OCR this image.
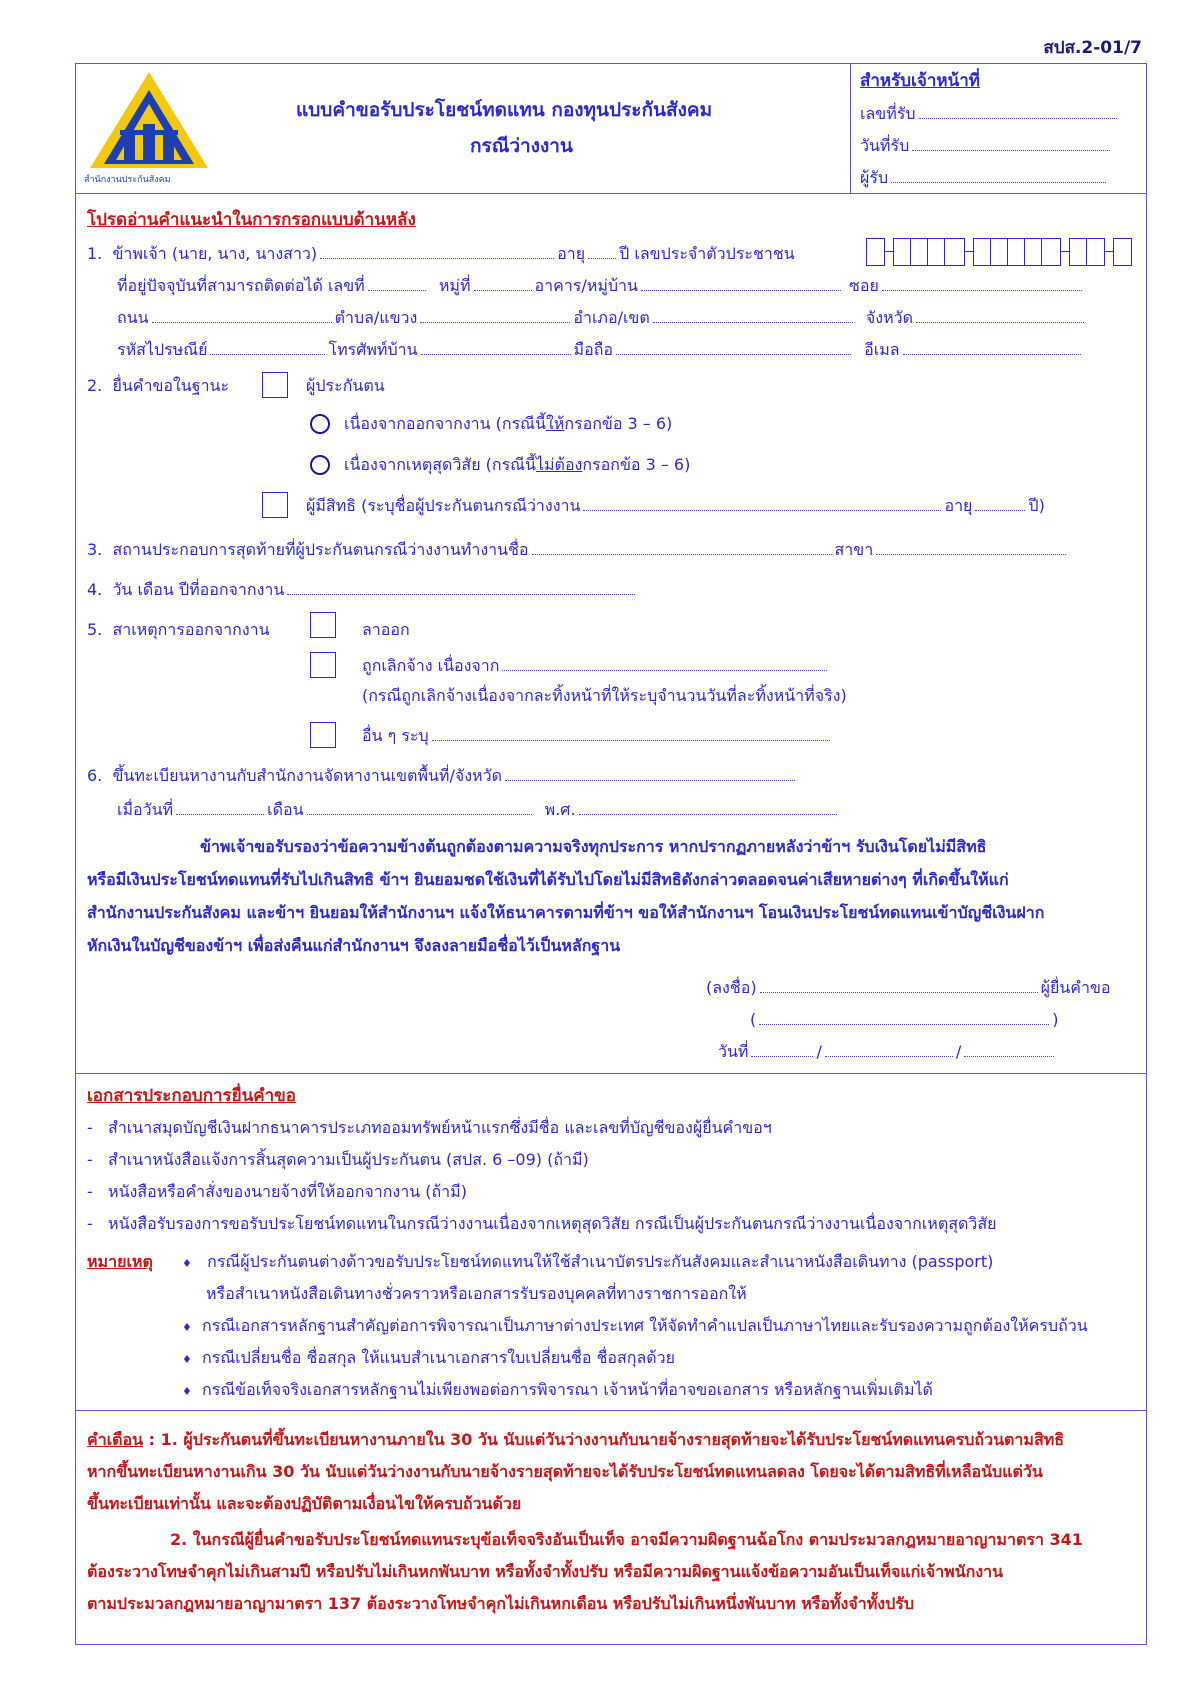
สปส.2-01/7
สำนักงานประกันสังคม
แบบคำขอรับประโยชน์ทดแทน กองทุนประกันสังคม
กรณีว่างงาน
สำหรับเจ้าหน้าที่
เลขที่รับ
วันที่รับ
ผู้รับ
โปรดอ่านคำแนะนำในการกรอกแบบด้านหลัง
1. ข้าพเจ้า (นาย, นาง, นางสาว)	อายุ ปี เลขประจำตัวประชาชน
ที่อยู่ปัจจุบันที่สามารถติดต่อได้ เลขที่	หมู่ที่	อาคาร/หมู่บ้าน	ซอย
ถนน	ตำบล/แขวง	อำเภอ/เขต	จังหวัด
รหัสไปรษณีย์	โทรศัพท์บ้าน	มือถือ	อีเมล
2. ยื่นคำขอในฐานะ	ผู้ประกันตน
เนื่องจากออกจากงาน (กรณีนี้ให้กรอกข้อ 3 – 6)
เนื่องจากเหตุสุดวิสัย (กรณีนี้ไม่ต้องกรอกข้อ 3 – 6)
ผู้มีสิทธิ (ระบุชื่อผู้ประกันตนกรณีว่างงาน	อายุ	ปี)
3. สถานประกอบการสุดท้ายที่ผู้ประกันตนกรณีว่างงานทำงานชื่อ	สาขา
4. วัน เดือน ปีที่ออกจากงาน
5. สาเหตุการออกจากงาน	ลาออก
ถูกเลิกจ้าง เนื่องจาก
(กรณีถูกเลิกจ้างเนื่องจากละทิ้งหน้าที่ให้ระบุจำนวนวันที่ละทิ้งหน้าที่จริง)
อื่น ๆ ระบุ
6. ขึ้นทะเบียนหางานกับสำนักงานจัดหางานเขตพื้นที่/จังหวัด
เมื่อวันที่	เดือน	พ.ศ.
ข้าพเจ้าขอรับรองว่าข้อความข้างต้นถูกต้องตามความจริงทุกประการ หากปรากฏภายหลังว่าข้าฯ รับเงินโดยไม่มีสิทธิ
หรือมีเงินประโยชน์ทดแทนที่รับไปเกินสิทธิ ข้าฯ ยินยอมชดใช้เงินที่ได้รับไปโดยไม่มีสิทธิดังกล่าวตลอดจนค่าเสียหายต่างๆ ที่เกิดขึ้นให้แก่
สำนักงานประกันสังคม และข้าฯ ยินยอมให้สำนักงานฯ แจ้งให้ธนาคารตามที่ข้าฯ ขอให้สำนักงานฯ โอนเงินประโยชน์ทดแทนเข้าบัญชีเงินฝาก
หักเงินในบัญชีของข้าฯ เพื่อส่งคืนแก่สำนักงานฯ จึงลงลายมือชื่อไว้เป็นหลักฐาน
(ลงชื่อ)	ผู้ยื่นคำขอ
(	)
วันที่	/	/
เอกสารประกอบการยื่นคำขอ
- สำเนาสมุดบัญชีเงินฝากธนาคารประเภทออมทรัพย์หน้าแรกซึ่งมีชื่อ และเลขที่บัญชีของผู้ยื่นคำขอฯ
- สำเนาหนังสือแจ้งการสิ้นสุดความเป็นผู้ประกันตน (สปส. 6 –09) (ถ้ามี)
- หนังสือหรือคำสั่งของนายจ้างที่ให้ออกจากงาน (ถ้ามี)
- หนังสือรับรองการขอรับประโยชน์ทดแทนในกรณีว่างงานเนื่องจากเหตุสุดวิสัย กรณีเป็นผู้ประกันตนกรณีว่างงานเนื่องจากเหตุสุดวิสัย
หมายเหตุ	♦ กรณีผู้ประกันตนต่างด้าวขอรับประโยชน์ทดแทนให้ใช้สำเนาบัตรประกันสังคมและสำเนาหนังสือเดินทาง (passport)
หรือสำเนาหนังสือเดินทางชั่วคราวหรือเอกสารรับรองบุคคลที่ทางราชการออกให้
♦ กรณีเอกสารหลักฐานสำคัญต่อการพิจารณาเป็นภาษาต่างประเทศ ให้จัดทำคำแปลเป็นภาษาไทยและรับรองความถูกต้องให้ครบถ้วน
♦ กรณีเปลี่ยนชื่อ ชื่อสกุล ให้แนบสำเนาเอกสารใบเปลี่ยนชื่อ ชื่อสกุลด้วย
♦ กรณีข้อเท็จจริงเอกสารหลักฐานไม่เพียงพอต่อการพิจารณา เจ้าหน้าที่อาจขอเอกสาร หรือหลักฐานเพิ่มเติมได้
คำเตือน : 1. ผู้ประกันตนที่ขึ้นทะเบียนหางานภายใน 30 วัน นับแต่วันว่างงานกับนายจ้างรายสุดท้ายจะได้รับประโยชน์ทดแทนครบถ้วนตามสิทธิ
หากขึ้นทะเบียนหางานเกิน 30 วัน นับแต่วันว่างงานกับนายจ้างรายสุดท้ายจะได้รับประโยชน์ทดแทนลดลง โดยจะได้ตามสิทธิที่เหลือนับแต่วัน
ขึ้นทะเบียนเท่านั้น และจะต้องปฏิบัติตามเงื่อนไขให้ครบถ้วนด้วย
2. ในกรณีผู้ยื่นคำขอรับประโยชน์ทดแทนระบุข้อเท็จจริงอันเป็นเท็จ อาจมีความผิดฐานฉ้อโกง ตามประมวลกฎหมายอาญามาตรา 341
ต้องระวางโทษจำคุกไม่เกินสามปี หรือปรับไม่เกินหกพันบาท หรือทั้งจำทั้งปรับ หรือมีความผิดฐานแจ้งข้อความอันเป็นเท็จแก่เจ้าพนักงาน
ตามประมวลกฎหมายอาญามาตรา 137 ต้องระวางโทษจำคุกไม่เกินหกเดือน หรือปรับไม่เกินหนึ่งพันบาท หรือทั้งจำทั้งปรับ
